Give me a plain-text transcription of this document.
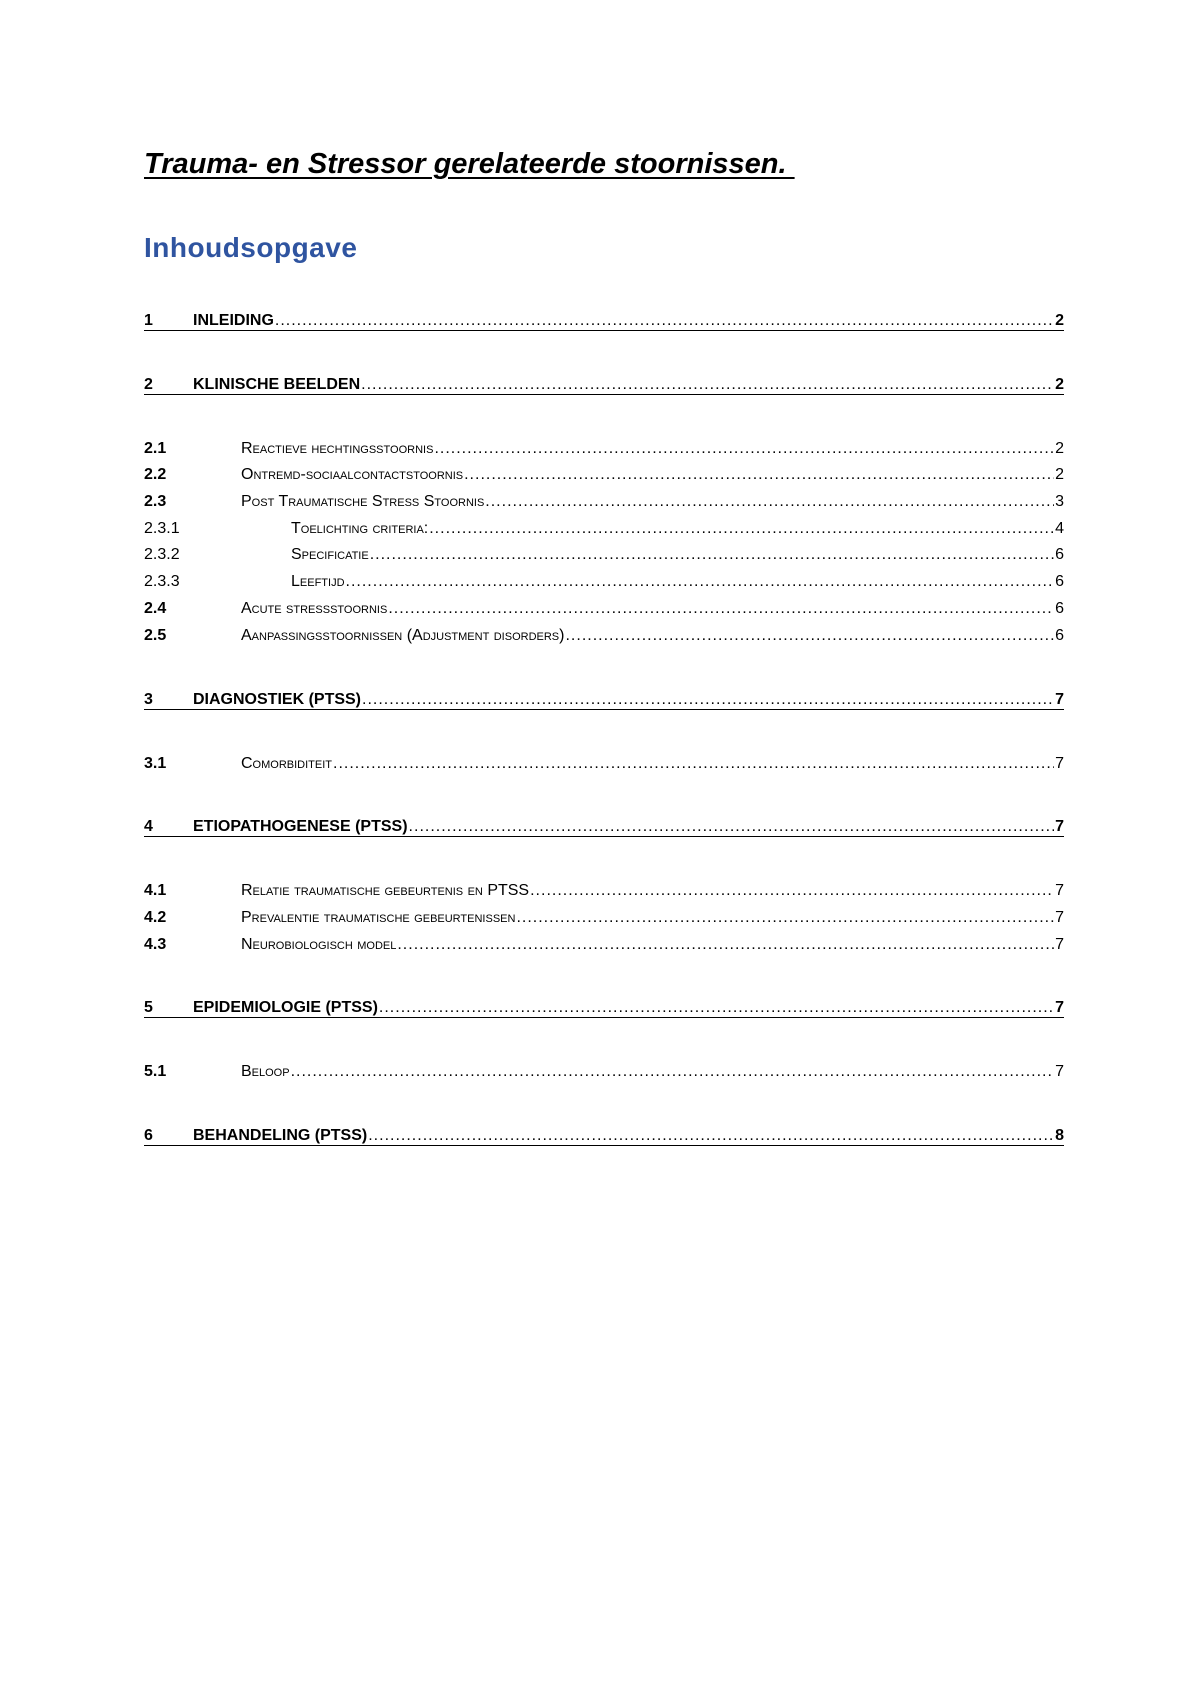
Trauma- en Stressor gerelateerde stoornissen.
Inhoudsopgave
1	INLEIDING .....	2
2	KLINISCHE BEELDEN .....	2
2.1	Reactieve hechtingsstoornis .....	2
2.2	Ontremd-sociaalcontactstoornis .....	2
2.3	Post Traumatische Stress Stoornis .....	3
2.3.1	Toelichting criteria: .....	4
2.3.2	Specificatie .....	6
2.3.3	Leeftijd .....	6
2.4	Acute stressstoornis .....	6
2.5	Aanpassingsstoornissen (Adjustment disorders) .....	6
3	DIAGNOSTIEK (PTSS) .....	7
3.1	Comorbiditeit .....	7
4	ETIOPATHOGENESE (PTSS) .....	7
4.1	Relatie traumatische gebeurtenis en PTSS .....	7
4.2	Prevalentie traumatische gebeurtenissen .....	7
4.3	Neurobiologisch model .....	7
5	EPIDEMIOLOGIE (PTSS) .....	7
5.1	Beloop .....	7
6	BEHANDELING (PTSS) .....	8
